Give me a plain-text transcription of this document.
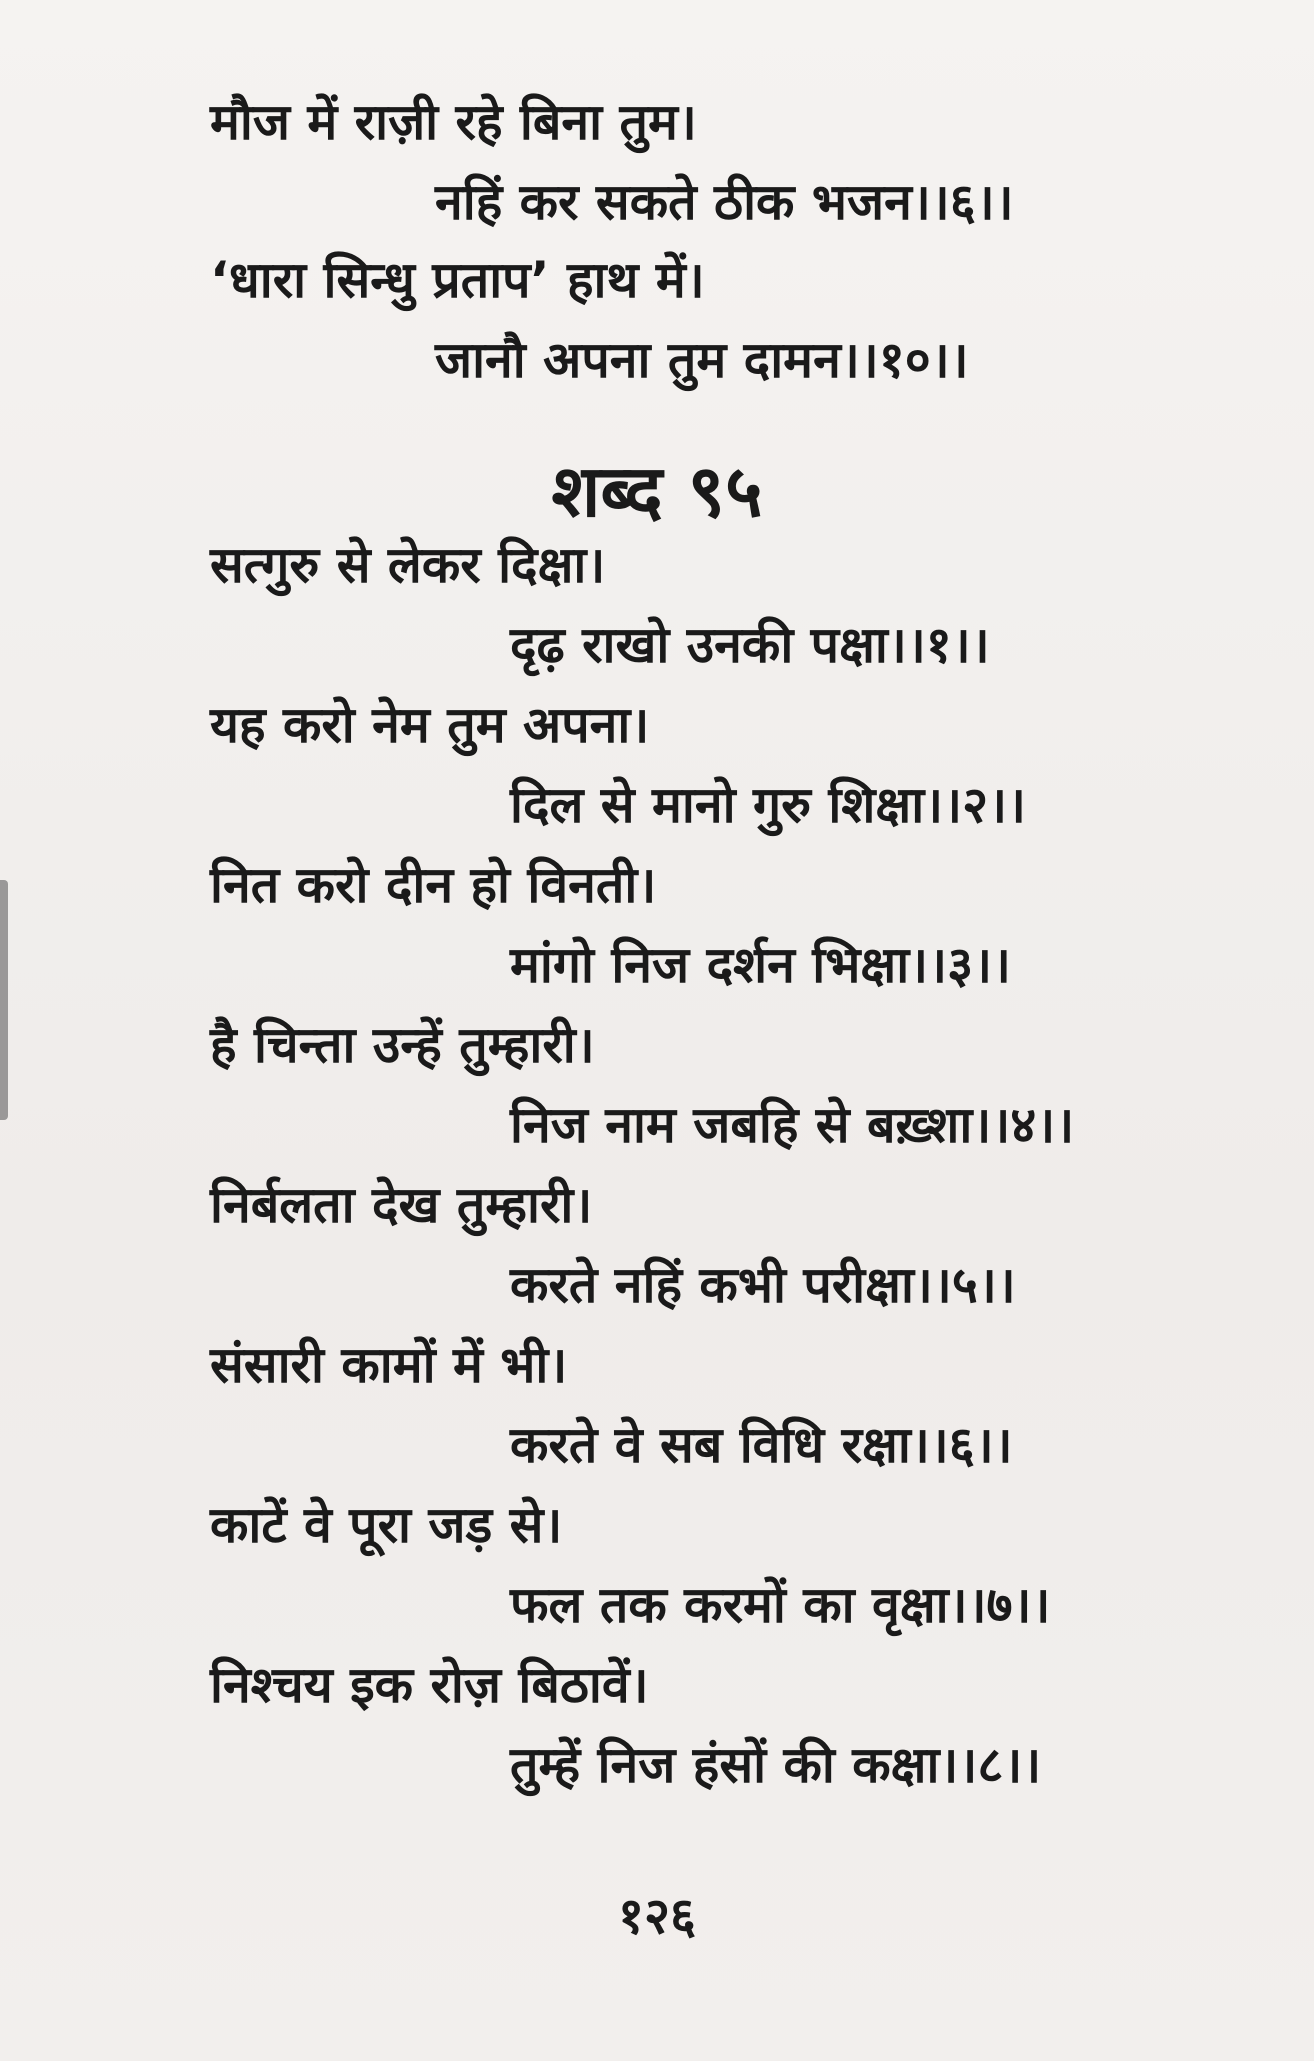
मौज में राज़ी रहे बिना तुम।
नहिं कर सकते ठीक भजन।।६।।
‘धारा सिन्धु प्रताप’ हाथ में।
जानौ अपना तुम दामन।।१०।।
शब्द ९५
सत्गुरु से लेकर दिक्षा।
दृढ़ राखो उनकी पक्षा।।१।।
यह करो नेम तुम अपना।
दिल से मानो गुरु शिक्षा।।२।।
नित करो दीन हो विनती।
मांगो निज दर्शन भिक्षा।।३।।
है चिन्ता उन्हें तुम्हारी।
निज नाम जबहि से बख़्शा।।४।।
निर्बलता देख तुम्हारी।
करते नहिं कभी परीक्षा।।५।।
संसारी कामों में भी।
करते वे सब विधि रक्षा।।६।।
काटें वे पूरा जड़ से।
फल तक करमों का वृक्षा।।७।।
निश्चय इक रोज़ बिठावें।
तुम्हें निज हंसों की कक्षा।।८।।
१२६
